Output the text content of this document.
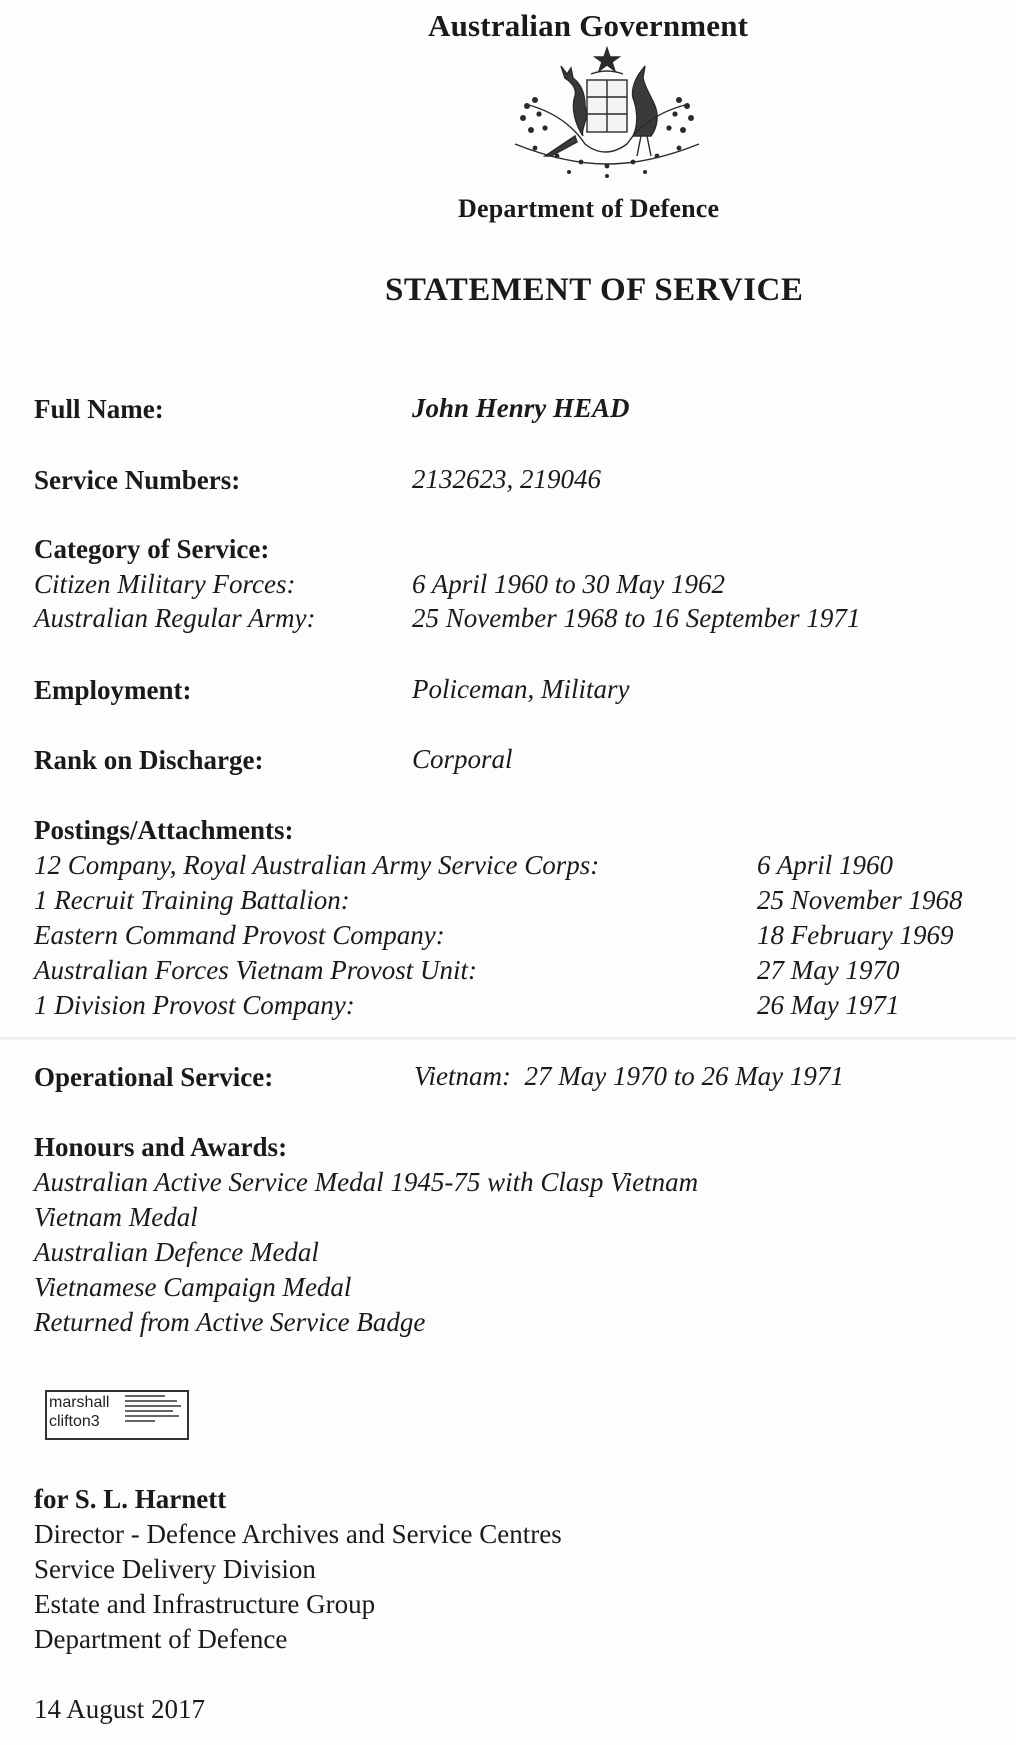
Australian Government
Department of Defence
STATEMENT OF SERVICE
Full Name:	John Henry HEAD
Service Numbers:	2132623, 219046
Category of Service:
Citizen Military Forces:	6 April 1960 to 30 May 1962
Australian Regular Army:	25 November 1968 to 16 September 1971
Employment:	Policeman, Military
Rank on Discharge:	Corporal
Postings/Attachments:
12 Company, Royal Australian Army Service Corps:	6 April 1960
1 Recruit Training Battalion:	25 November 1968
Eastern Command Provost Company:	18 February 1969
Australian Forces Vietnam Provost Unit:	27 May 1970
1 Division Provost Company:	26 May 1971
Operational Service:	Vietnam:  27 May 1970 to 26 May 1971
Honours and Awards:
Australian Active Service Medal 1945-75 with Clasp Vietnam
Vietnam Medal
Australian Defence Medal
Vietnamese Campaign Medal
Returned from Active Service Badge
marshall
clifton3
for S. L. Harnett
Director - Defence Archives and Service Centres
Service Delivery Division
Estate and Infrastructure Group
Department of Defence
14 August 2017
